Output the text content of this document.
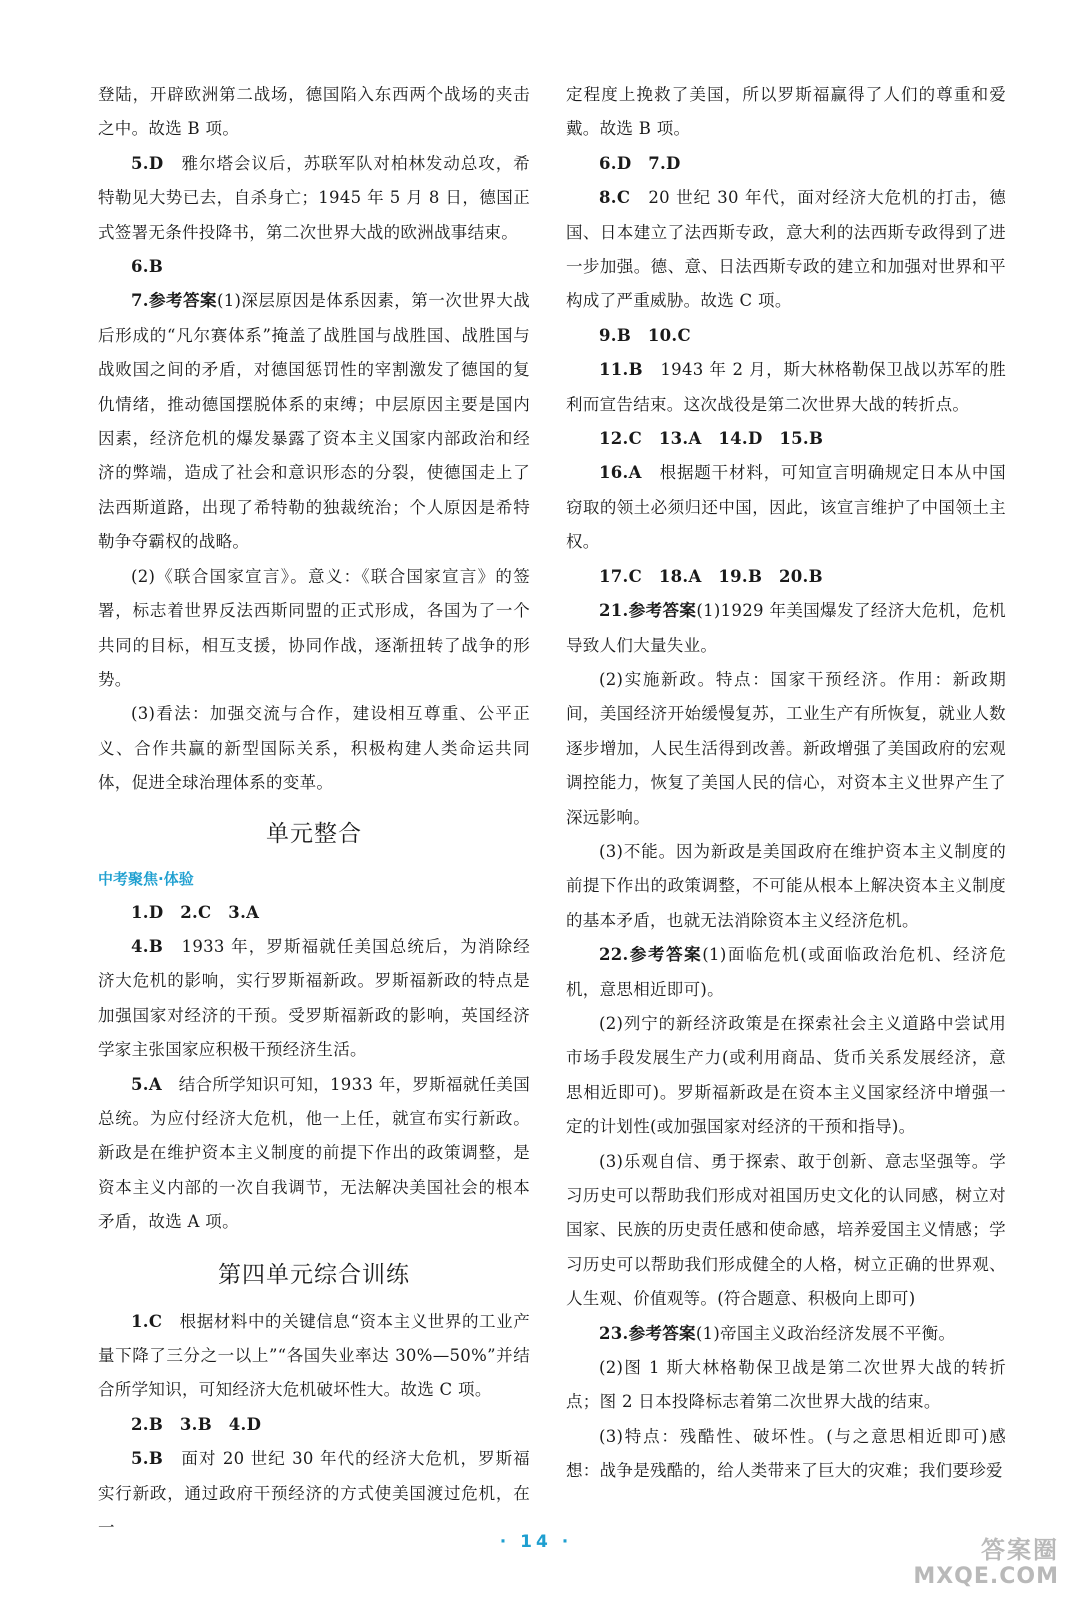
登陆，开辟欧洲第二战场，德国陷入东西两个战场的夹击之中。故选 B 项。

5.D　雅尔塔会议后，苏联军队对柏林发动总攻，希特勒见大势已去，自杀身亡；1945 年 5 月 8 日，德国正式签署无条件投降书，第二次世界大战的欧洲战事结束。

6.B

7.参考答案(1)深层原因是体系因素，第一次世界大战后形成的“凡尔赛体系”掩盖了战胜国与战胜国、战胜国与战败国之间的矛盾，对德国惩罚性的宰割激发了德国的复仇情绪，推动德国摆脱体系的束缚；中层原因主要是国内因素，经济危机的爆发暴露了资本主义国家内部政治和经济的弊端，造成了社会和意识形态的分裂，使德国走上了法西斯道路，出现了希特勒的独裁统治；个人原因是希特勒争夺霸权的战略。

(2)《联合国家宣言》。意义：《联合国家宣言》的签署，标志着世界反法西斯同盟的正式形成，各国为了一个共同的目标，相互支援，协同作战，逐渐扭转了战争的形势。

(3)看法：加强交流与合作，建设相互尊重、公平正义、合作共赢的新型国际关系，积极构建人类命运共同体，促进全球治理体系的变革。

单元整合
中考聚焦·体验

1.D　2.C　3.A

4.B　1933 年，罗斯福就任美国总统后，为消除经济大危机的影响，实行罗斯福新政。罗斯福新政的特点是加强国家对经济的干预。受罗斯福新政的影响，英国经济学家主张国家应积极干预经济生活。

5.A　结合所学知识可知，1933 年，罗斯福就任美国总统。为应付经济大危机，他一上任，就宣布实行新政。新政是在维护资本主义制度的前提下作出的政策调整，是资本主义内部的一次自我调节，无法解决美国社会的根本矛盾，故选 A 项。

第四单元综合训练

1.C　根据材料中的关键信息“资本主义世界的工业产量下降了三分之一以上”“各国失业率达 30%—50%”并结合所学知识，可知经济大危机破坏性大。故选 C 项。

2.B　3.B　4.D

5.B　面对 20 世纪 30 年代的经济大危机，罗斯福实行新政，通过政府干预经济的方式使美国渡过危机，在一

定程度上挽救了美国，所以罗斯福赢得了人们的尊重和爱戴。故选 B 项。

6.D　7.D

8.C　20 世纪 30 年代，面对经济大危机的打击，德国、日本建立了法西斯专政，意大利的法西斯专政得到了进一步加强。德、意、日法西斯专政的建立和加强对世界和平构成了严重威胁。故选 C 项。

9.B　10.C

11.B　1943 年 2 月，斯大林格勒保卫战以苏军的胜利而宣告结束。这次战役是第二次世界大战的转折点。

12.C　13.A　14.D　15.B

16.A　根据题干材料，可知宣言明确规定日本从中国窃取的领土必须归还中国，因此，该宣言维护了中国领土主权。

17.C　18.A　19.B　20.B

21.参考答案(1)1929 年美国爆发了经济大危机，危机导致人们大量失业。

(2)实施新政。特点：国家干预经济。作用：新政期间，美国经济开始缓慢复苏，工业生产有所恢复，就业人数逐步增加，人民生活得到改善。新政增强了美国政府的宏观调控能力，恢复了美国人民的信心，对资本主义世界产生了深远影响。

(3)不能。因为新政是美国政府在维护资本主义制度的前提下作出的政策调整，不可能从根本上解决资本主义制度的基本矛盾，也就无法消除资本主义经济危机。

22.参考答案(1)面临危机(或面临政治危机、经济危机，意思相近即可)。

(2)列宁的新经济政策是在探索社会主义道路中尝试用市场手段发展生产力(或利用商品、货币关系发展经济，意思相近即可)。罗斯福新政是在资本主义国家经济中增强一定的计划性(或加强国家对经济的干预和指导)。

(3)乐观自信、勇于探索、敢于创新、意志坚强等。学习历史可以帮助我们形成对祖国历史文化的认同感，树立对国家、民族的历史责任感和使命感，培养爱国主义情感；学习历史可以帮助我们形成健全的人格，树立正确的世界观、人生观、价值观等。(符合题意、积极向上即可)

23.参考答案(1)帝国主义政治经济发展不平衡。

(2)图 1 斯大林格勒保卫战是第二次世界大战的转折点；图 2 日本投降标志着第二次世界大战的结束。

(3)特点：残酷性、破坏性。(与之意思相近即可)感想：战争是残酷的，给人类带来了巨大的灾难；我们要珍爱

· 14 ·	答案圈
MXQE.COM
